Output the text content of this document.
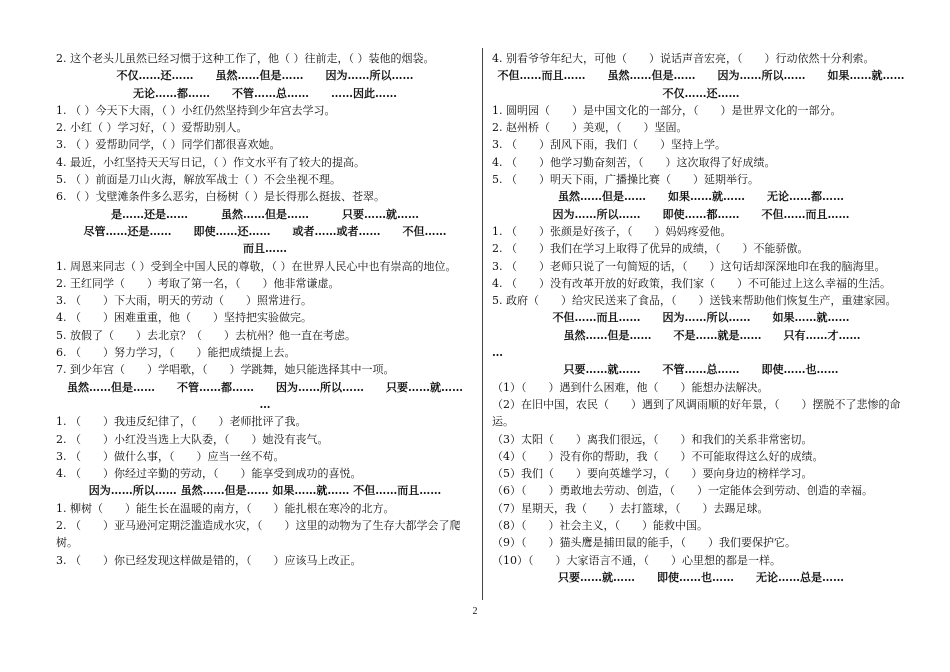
2. 这个老头儿虽然已经习惯于这种工作了，他（ ）往前走，（ ）装他的烟袋。
不仅……还……　　虽然……但是……　　因为……所以……
无论……都……　　不管……总……　　……因此……
1. （ ）今天下大雨，（ ）小红仍然坚持到少年宫去学习。
2. 小红（ ）学习好，（ ）爱帮助别人。
3. （ ）爱帮助同学，（ ）同学们都很喜欢她。
4. 最近，小红坚持天天写日记，（ ）作文水平有了较大的提高。
5. （ ）前面是刀山火海，解放军战士（ ）不会坐视不理。
6. （ ）戈壁滩条件多么恶劣，白杨树（ ）是长得那么挺拔、苍翠。
是……还是……　　　虽然……但是……　　　只要……就……
尽管……还是……　　即使……还……　　或者……或者……　　不但……
而且……
1. 周恩来同志（ ）受到全中国人民的尊敬，（ ）在世界人民心中也有崇高的地位。
2. 王红同学（　　）考取了第一名，（　　）他非常谦虚。
3. （　　）下大雨，明天的劳动（　　）照常进行。
4. （　　）困难重重，他（　　）坚持把实验做完。
5. 放假了（　　）去北京？（　　）去杭州？他一直在考虑。
6. （　　）努力学习，（　　）能把成绩提上去。
7. 到少年宫（　　）学唱歌，（　　）学跳舞，她只能选择其中一项。
虽然……但是……　　不管……都……　　因为……所以……　　只要……就……
…
1. （　　）我违反纪律了，（　　）老师批评了我。
2. （　　）小红没当选上大队委，（　　）她没有丧气。
3. （　　）做什么事，（　　）应当一丝不苟。
4. （　　）你经过辛勤的劳动，（　　）能享受到成功的喜悦。
因为……所以…… 虽然……但是…… 如果……就…… 不但……而且……
1. 柳树（　　）能生长在温暖的南方，（　　）能扎根在寒冷的北方。
2. （　　）亚马逊河定期泛滥造成水灾，（　　）这里的动物为了生存大都学会了爬树。
3. （　　）你已经发现这样做是错的，（　　）应该马上改正。
4. 别看爷爷年纪大，可他（　　）说话声音宏亮，（　　）行动依然十分利索。
不但……而且……　　虽然……但是……　　因为……所以……　　如果……就……
不仅……还……
1. 圆明园（　　）是中国文化的一部分，（　　）是世界文化的一部分。
2. 赵州桥（　　）美观，（　　）坚固。
3. （　　）刮风下雨，我们（　　）坚持上学。
4. （　　）他学习勤奋刻苦，（　　）这次取得了好成绩。
5. （　　）明天下雨，广播操比赛（　　）延期举行。
虽然……但是……　　如果……就……　　无论……都……
因为……所以……　　即使……都……　　不但……而且……
1. （　　）张颜是好孩子，（　　）妈妈疼爱他。
2. （　　）我们在学习上取得了优异的成绩，（　　）不能骄傲。
3. （　　）老师只说了一句简短的话，（　　）这句话却深深地印在我的脑海里。
4. （　　）没有改革开放的好政策，我们家（　　）不可能过上这么幸福的生活。
5. 政府（　　）给灾民送来了食品，（　　）送钱来帮助他们恢复生产，重建家园。
不但……而且……　　因为……所以……　　如果……就……
　　虽然……但是……　　不是……就是……　　只有……才……
…
只要……就……　　不管……总……　　即使……也……
（1）（　　）遇到什么困难，他（　　）能想办法解决。
（2）在旧中国，农民（　　）遇到了风调雨顺的好年景，（　　）摆脱不了悲惨的命运。
（3）太阳（　　）离我们很远，（　　）和我们的关系非常密切。
（4）（　　）没有你的帮助，我（　　）不可能取得这么好的成绩。
（5）我们（　　）要向英雄学习，（　　）要向身边的榜样学习。
（6）（　　）勇敢地去劳动、创造，（　　）一定能体会到劳动、创造的幸福。
（7）星期天，我（　　）去打篮球，（　　）去踢足球。
（8）（　　）社会主义，（　　）能救中国。
（9）（　　）猫头鹰是捕田鼠的能手，（　　）我们要保护它。
（10）（　　）大家语言不通，（　　）心里想的都是一样。
只要……就……　　即使……也……　　无论……总是……
2
